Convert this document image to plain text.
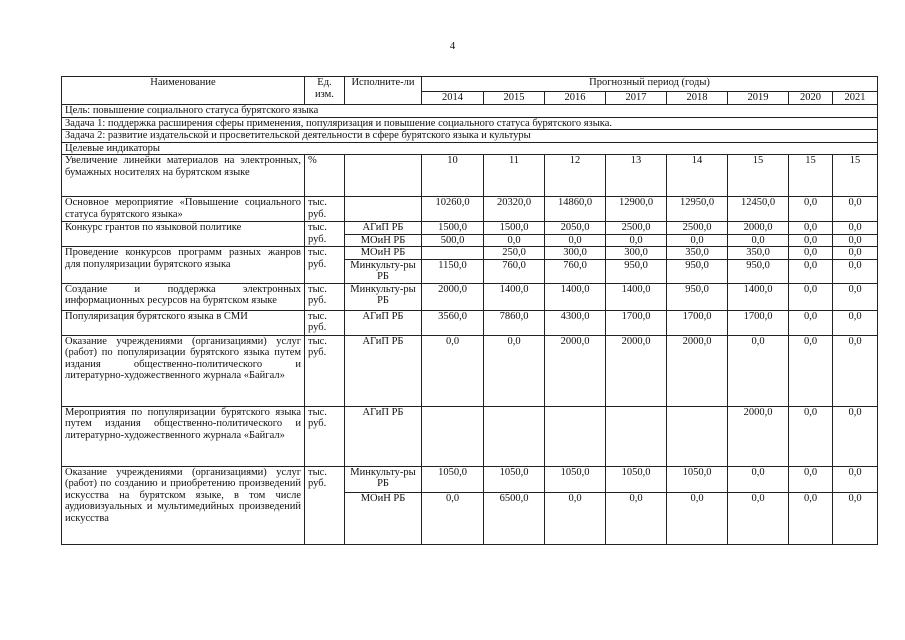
4
Наименование	Ед. изм.	Исполните-ли	Прогнозный период (годы)							
			2014	2015	2016	2017	2018	2019	2020	2021
Цель: повышение социального статуса бурятского языка										
Задача 1: поддержка расширения сферы применения, популяризация и повышение социального статуса бурятского языка.										
Задача 2: развитие издательской и просветительской деятельности в сфере бурятского языка и культуры										
Целевые индикаторы										
Увеличение линейки материалов на электронных, бумажных носителях на бурятском языке	%		10	11	12	13	14	15	15	15
Основное мероприятие «Повышение социального статуса бурятского языка»	тыс. руб.		10260,0	20320,0	14860,0	12900,0	12950,0	12450,0	0,0	0,0
Конкурс грантов по языковой политике	тыс. руб.	АГиП РБ	1500,0	1500,0	2050,0	2500,0	2500,0	2000,0	0,0	0,0
		МОиН РБ	500,0	0,0	0,0	0,0	0,0	0,0	0,0	0,0
Проведение конкурсов программ разных жанров для популяризации бурятского языка	тыс. руб.	МОиН РБ		250,0	300,0	300,0	350,0	350,0	0,0	0,0
		Минкульту-ры РБ	1150,0	760,0	760,0	950,0	950,0	950,0	0,0	0,0
Создание и поддержка электронных информационных ресурсов на бурятском языке	тыс. руб.	Минкульту-ры РБ	2000,0	1400,0	1400,0	1400,0	950,0	1400,0	0,0	0,0
Популяризация бурятского языка в СМИ	тыс. руб.	АГиП РБ	3560,0	7860,0	4300,0	1700,0	1700,0	1700,0	0,0	0,0
Оказание учреждениями (организациями) услуг (работ) по популяризации бурятского языка путем издания общественно-политического и литературно-художественного журнала «Байгал»	тыс. руб.	АГиП РБ	0,0	0,0	2000,0	2000,0	2000,0	0,0	0,0	0,0
Мероприятия по популяризации бурятского языка путем издания общественно-политического и литературно-художественного журнала «Байгал»	тыс. руб.	АГиП РБ						2000,0	0,0	0,0
Оказание учреждениями (организациями) услуг (работ) по созданию и приобретению произведений искусства на бурятском языке, в том числе аудиовизуальных и мультимедийных произведений искусства	тыс. руб.	Минкульту-ры РБ	1050,0	1050,0	1050,0	1050,0	1050,0	0,0	0,0	0,0
		МОиН РБ	0,0	6500,0	0,0	0,0	0,0	0,0	0,0	0,0
